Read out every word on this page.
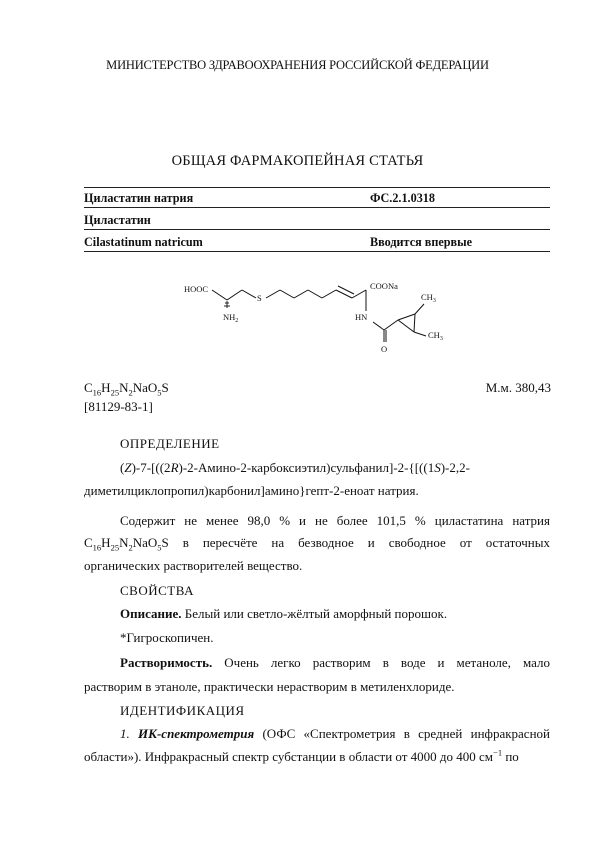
МИНИСТЕРСТВО ЗДРАВООХРАНЕНИЯ РОССИЙСКОЙ ФЕДЕРАЦИИ
ОБЩАЯ ФАРМАКОПЕЙНАЯ СТАТЬЯ
Циластатин натрия	ФС.2.1.0318
Циластатин
Cilastatinum natricum	Вводится впервые
HOOC
$NH_2$
S
COONa
HN
O
$CH_3$
$CH_3$
$C_{16}H_{25}N_2NaO_5S$	М.м. 380,43
[81129-83-1]
ОПРЕДЕЛЕНИЕ
(Z)-7-[((2R)-2-Амино-2-карбоксиэтил)сульфанил]-2-{[((1S)-2,2-
диметилциклопропил)карбонил]амино}гепт-2-еноат натрия.
Содержит не менее 98,0 % и не более 101,5 % циластатина натрия
$C_{16}H_{25}N_2NaO_5S$ в пересчёте на безводное и свободное от остаточных
органических растворителей вещество.
СВОЙСТВА
Описание. Белый или светло-жёлтый аморфный порошок.
*Гигроскопичен.
Растворимость. Очень легко растворим в воде и метаноле, мало
растворим в этаноле, практически нерастворим в метиленхлориде.
ИДЕНТИФИКАЦИЯ
1. ИК-спектрометрия (ОФС «Спектрометрия в средней инфракрасной
области»). Инфракрасный спектр субстанции в области от 4000 до 400 $см^{-1}$ по
